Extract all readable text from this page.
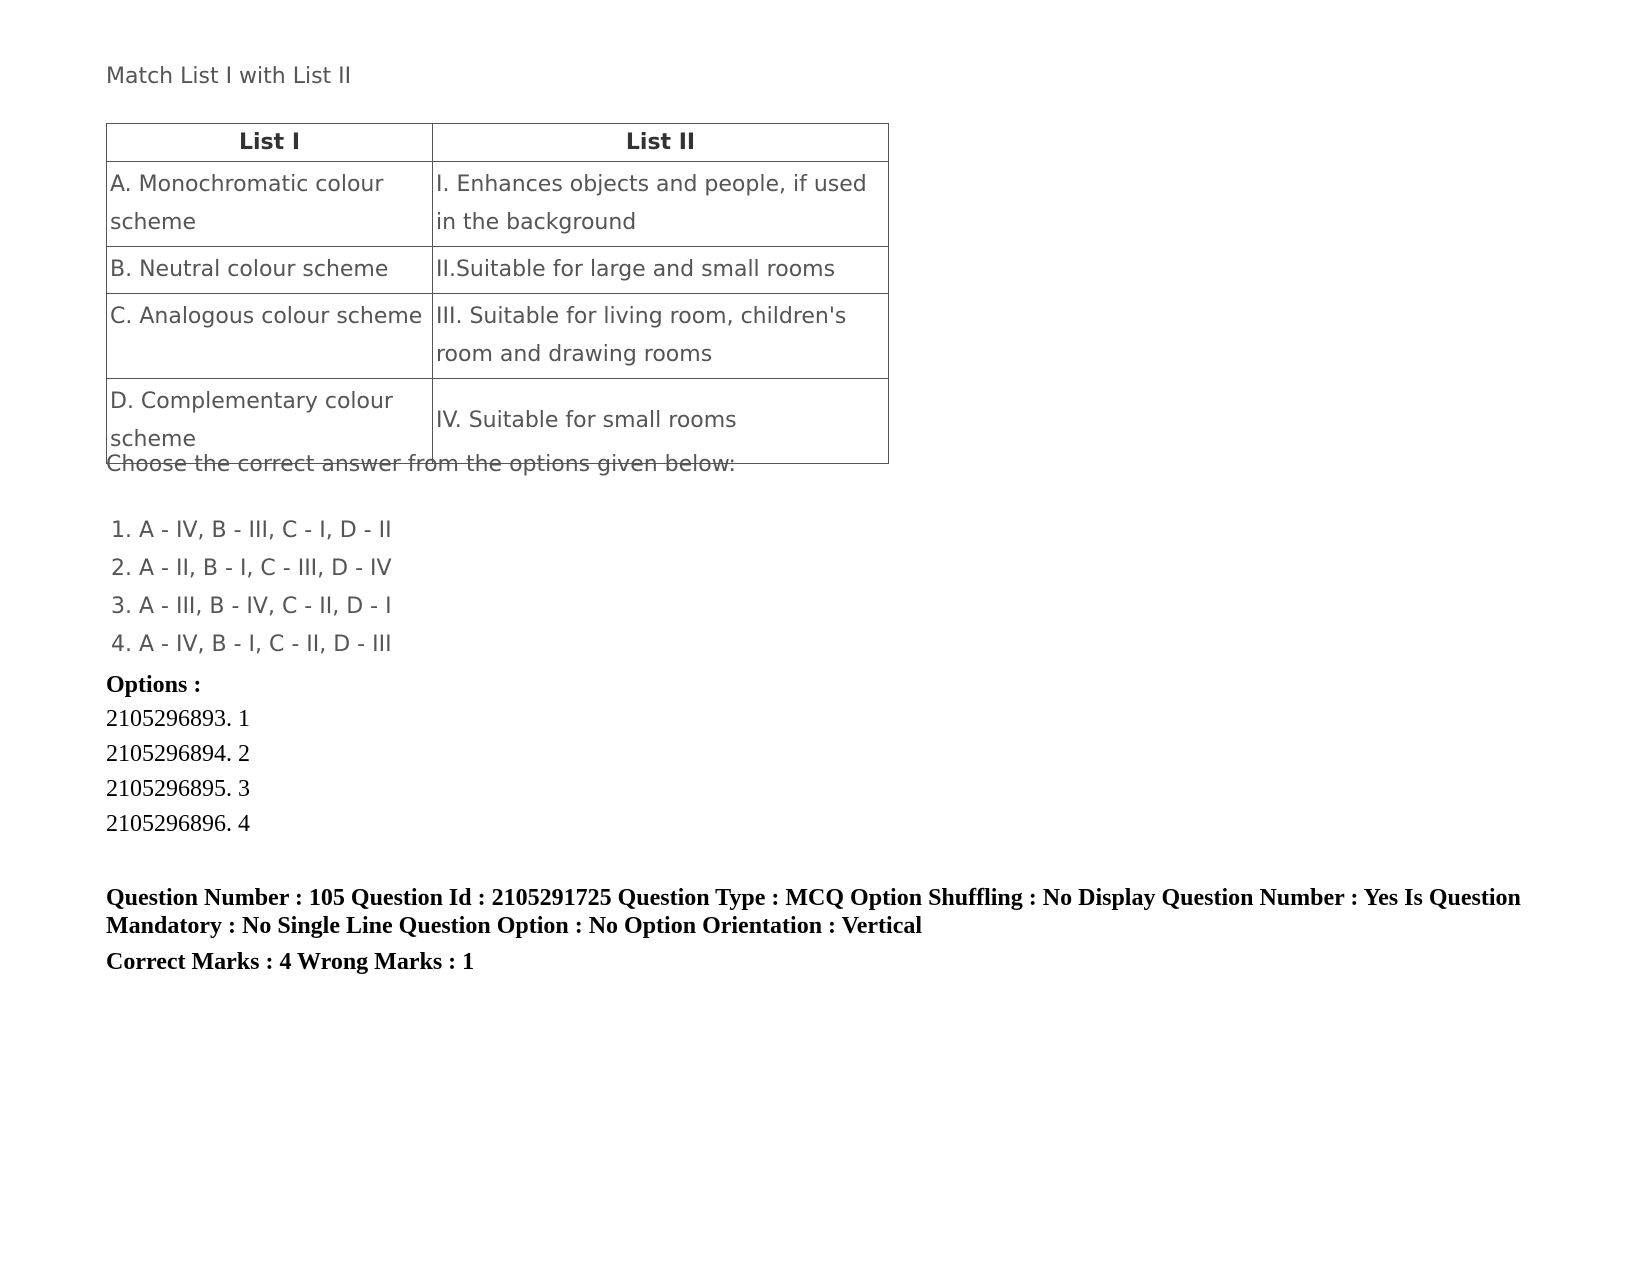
Match List I with List II
List I	List II
A. Monochromatic colour scheme	I. Enhances objects and people, if used in the background
B. Neutral colour scheme	II.Suitable for large and small rooms
C. Analogous colour scheme	III. Suitable for living room, children's room and drawing rooms
D. Complementary colour scheme	IV. Suitable for small rooms
Choose the correct answer from the options given below:
1. A - IV, B - III, C - I, D - II
2. A - II, B - I, C - III, D - IV
3. A - III, B - IV, C - II, D - I
4. A - IV, B - I, C - II, D - III
Options :
2105296893. 1
2105296894. 2
2105296895. 3
2105296896. 4
Question Number : 105 Question Id : 2105291725 Question Type : MCQ Option Shuffling : No Display Question Number : Yes Is Question Mandatory : No Single Line Question Option : No Option Orientation : Vertical
Correct Marks : 4 Wrong Marks : 1
